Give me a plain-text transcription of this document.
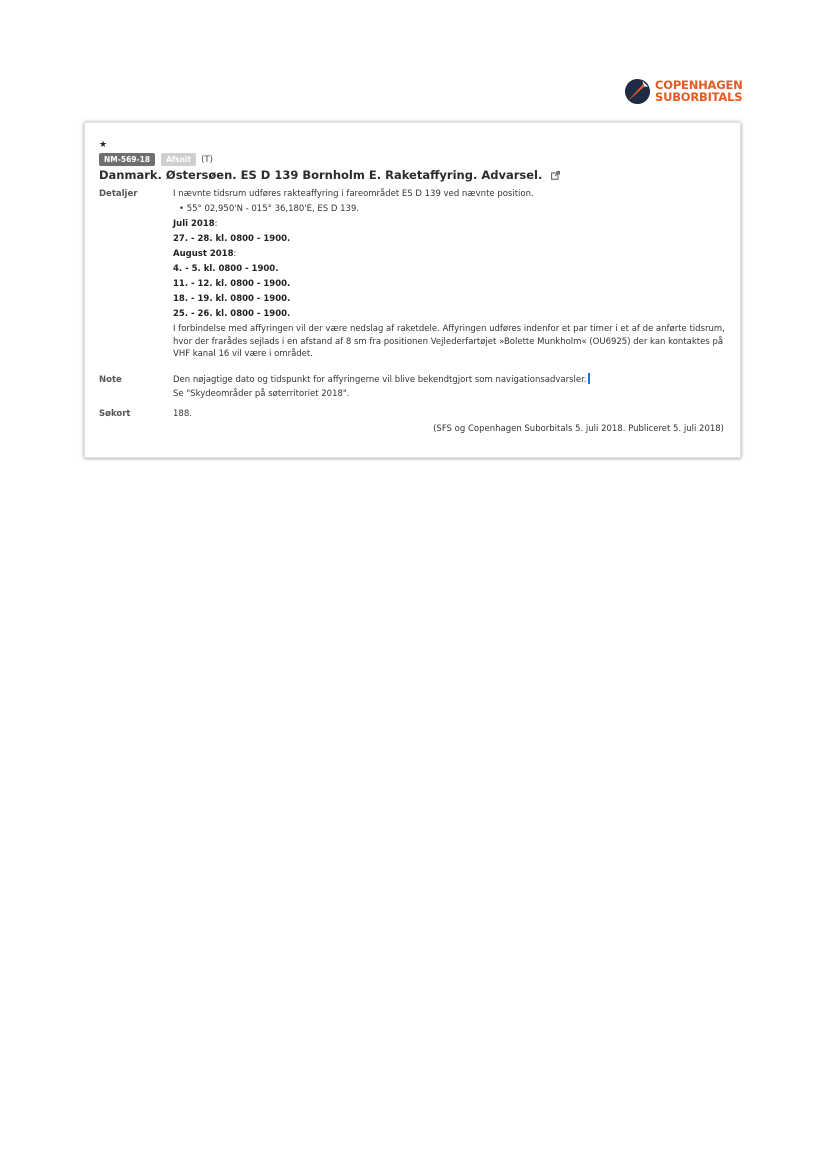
COPENHAGEN
SUBORBITALS
★
NM-569-18	Afsnit	(T)
Danmark. Østersøen. ES D 139 Bornholm E. Raketaffyring. Advarsel.
Detaljer	I nævnte tidsrum udføres rakteaffyring i fareområdet ES D 139 ved nævnte position.
• 55° 02,950'N - 015° 36,180'E, ES D 139.
Juli 2018:
27. - 28. kl. 0800 - 1900.
August 2018:
4. - 5. kl. 0800 - 1900.
11. - 12. kl. 0800 - 1900.
18. - 19. kl. 0800 - 1900.
25. - 26. kl. 0800 - 1900.
I forbindelse med affyringen vil der være nedslag af raketdele. Affyringen udføres indenfor et par timer i et af de anførte tidsrum, hvor der frarådes sejlads i en afstand af 8 sm fra positionen Vejlederfartøjet »Bolette Munkholm« (OU6925) der kan kontaktes på VHF kanal 16 vil være i området.
Note	Den nøjagtige dato og tidspunkt for affyringerne vil blive bekendtgjort som navigationsadvarsler.
Se "Skydeområder på søterritoriet 2018".
Søkort	188.
(SFS og Copenhagen Suborbitals 5. juli 2018. Publiceret 5. juli 2018)
